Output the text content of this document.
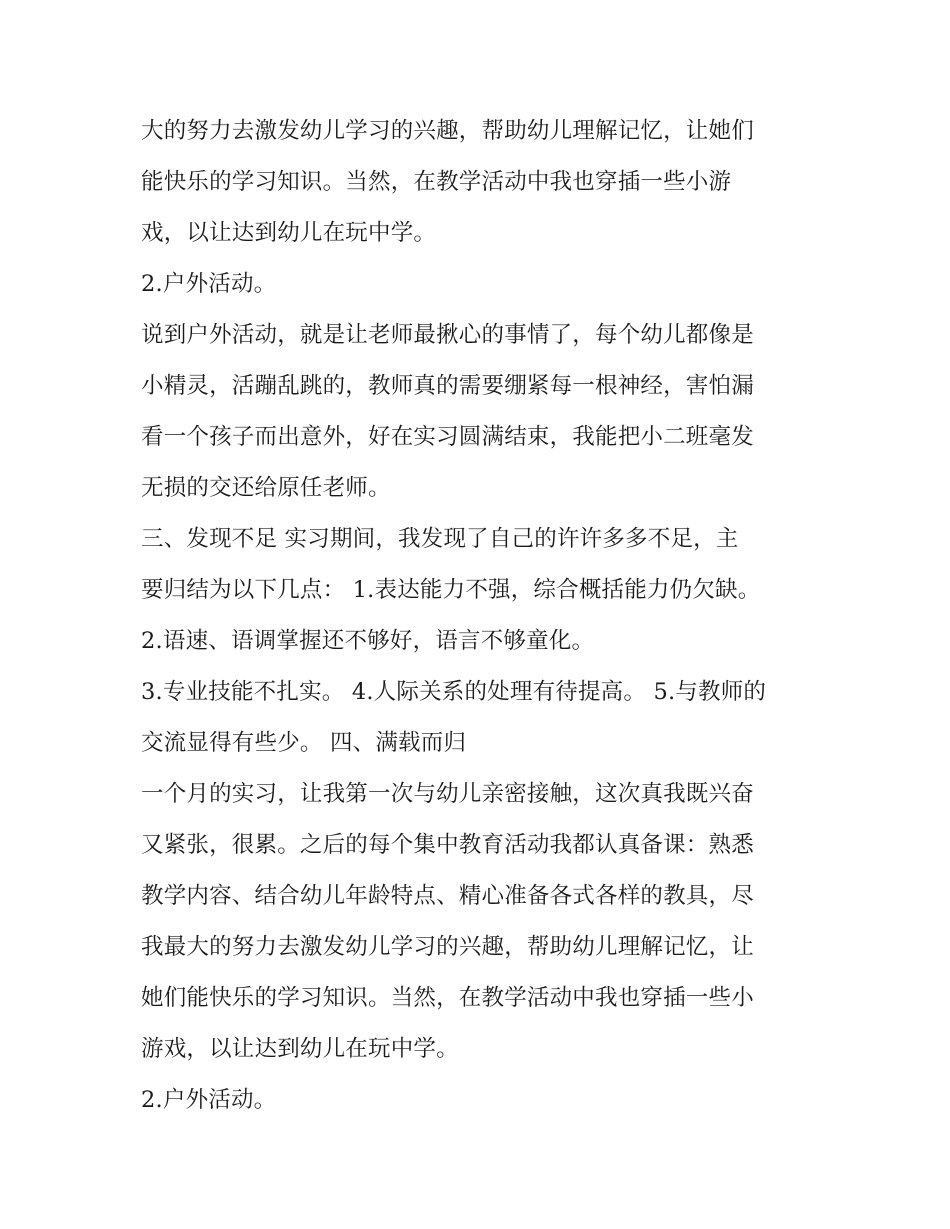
大的努力去激发幼儿学习的兴趣，帮助幼儿理解记忆，让她们
能快乐的学习知识。当然，在教学活动中我也穿插一些小游
戏，以让达到幼儿在玩中学。
2.户外活动。
说到户外活动，就是让老师最揪心的事情了，每个幼儿都像是
小精灵，活蹦乱跳的，教师真的需要绷紧每一根神经，害怕漏
看一个孩子而出意外，好在实习圆满结束，我能把小二班毫发
无损的交还给原任老师。
三、发现不足 实习期间，我发现了自己的许许多多不足，主
要归结为以下几点： 1.表达能力不强，综合概括能力仍欠缺。
2.语速、语调掌握还不够好，语言不够童化。
3.专业技能不扎实。 4.人际关系的处理有待提高。 5.与教师的
交流显得有些少。 四、满载而归
一个月的实习，让我第一次与幼儿亲密接触，这次真我既兴奋
又紧张，很累。之后的每个集中教育活动我都认真备课：熟悉
教学内容、结合幼儿年龄特点、精心准备各式各样的教具，尽
我最大的努力去激发幼儿学习的兴趣，帮助幼儿理解记忆，让
她们能快乐的学习知识。当然，在教学活动中我也穿插一些小
游戏，以让达到幼儿在玩中学。
2.户外活动。
